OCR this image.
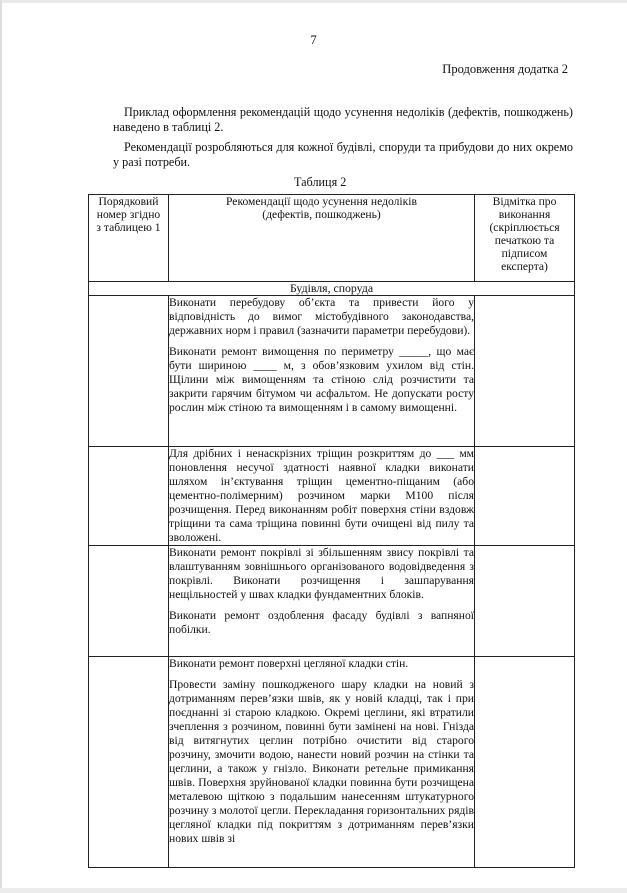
7
Продовження додатка 2
Приклад оформлення рекомендацій щодо усунення недоліків (дефектів, пошкоджень) наведено в таблиці 2.
Рекомендації розробляються для кожної будівлі, споруди та прибудови до них окремо у разі потреби.
Таблиця 2
Порядковий номер згідно з таблицею 1	Рекомендації щодо усунення недоліків (дефектів, пошкоджень)	Відмітка про виконання (скріплюється печаткою та підписом експерта)

Будівля, споруда		

	Виконати перебудову об’єкта та привести його у відповідність до вимог містобудівного законодавства, державних норм і правил (зазначити параметри перебудови).

Виконати ремонт вимощення по периметру _____, що має бути шириною ____ м, з обов’язковим ухилом від стін. Щілини між вимощенням та стіною слід розчистити та закрити гарячим бітумом чи асфальтом. Не допускати росту рослин між стіною та вимощенням і в самому вимощенні.	

	Для дрібних і ненаскрізних тріщин розкриттям до ___ мм поновлення несучої здатності наявної кладки виконати шляхом ін’єктування тріщин цементно-піщаним (або цементно-полімерним) розчином марки М100 після розчищення. Перед виконанням робіт поверхня стіни вздовж тріщини та сама тріщина повинні бути очищені від пилу та зволожені.	

	Виконати ремонт покрівлі зі збільшенням звису покрівлі та влаштуванням зовнішнього організованого водовідведення з покрівлі. Виконати розчищення і зашпарування нещільностей у швах кладки фундаментних блоків.

Виконати ремонт оздоблення фасаду будівлі з вапняної побілки.	

	Виконати ремонт поверхні цегляної кладки стін.

Провести заміну пошкодженого шару кладки на новий з дотриманням перев’язки швів, як у новій кладці, так і при поєднанні зі старою кладкою. Окремі цеглини, які втратили зчеплення з розчином, повинні бути замінені на нові. Гнізда від витягнутих цеглин потрібно очистити від старого розчину, змочити водою, нанести новий розчин на стінки та цеглини, а також у гнізло. Виконати ретельне примикання швів. Поверхня зруйнованої кладки повинна бути розчищена металевою щіткою з подальшим нанесенням штукатурного розчину з молотої цегли. Перекладання горизонтальних рядів цегляної кладки під покриттям з дотриманням перев’язки нових швів зі	
